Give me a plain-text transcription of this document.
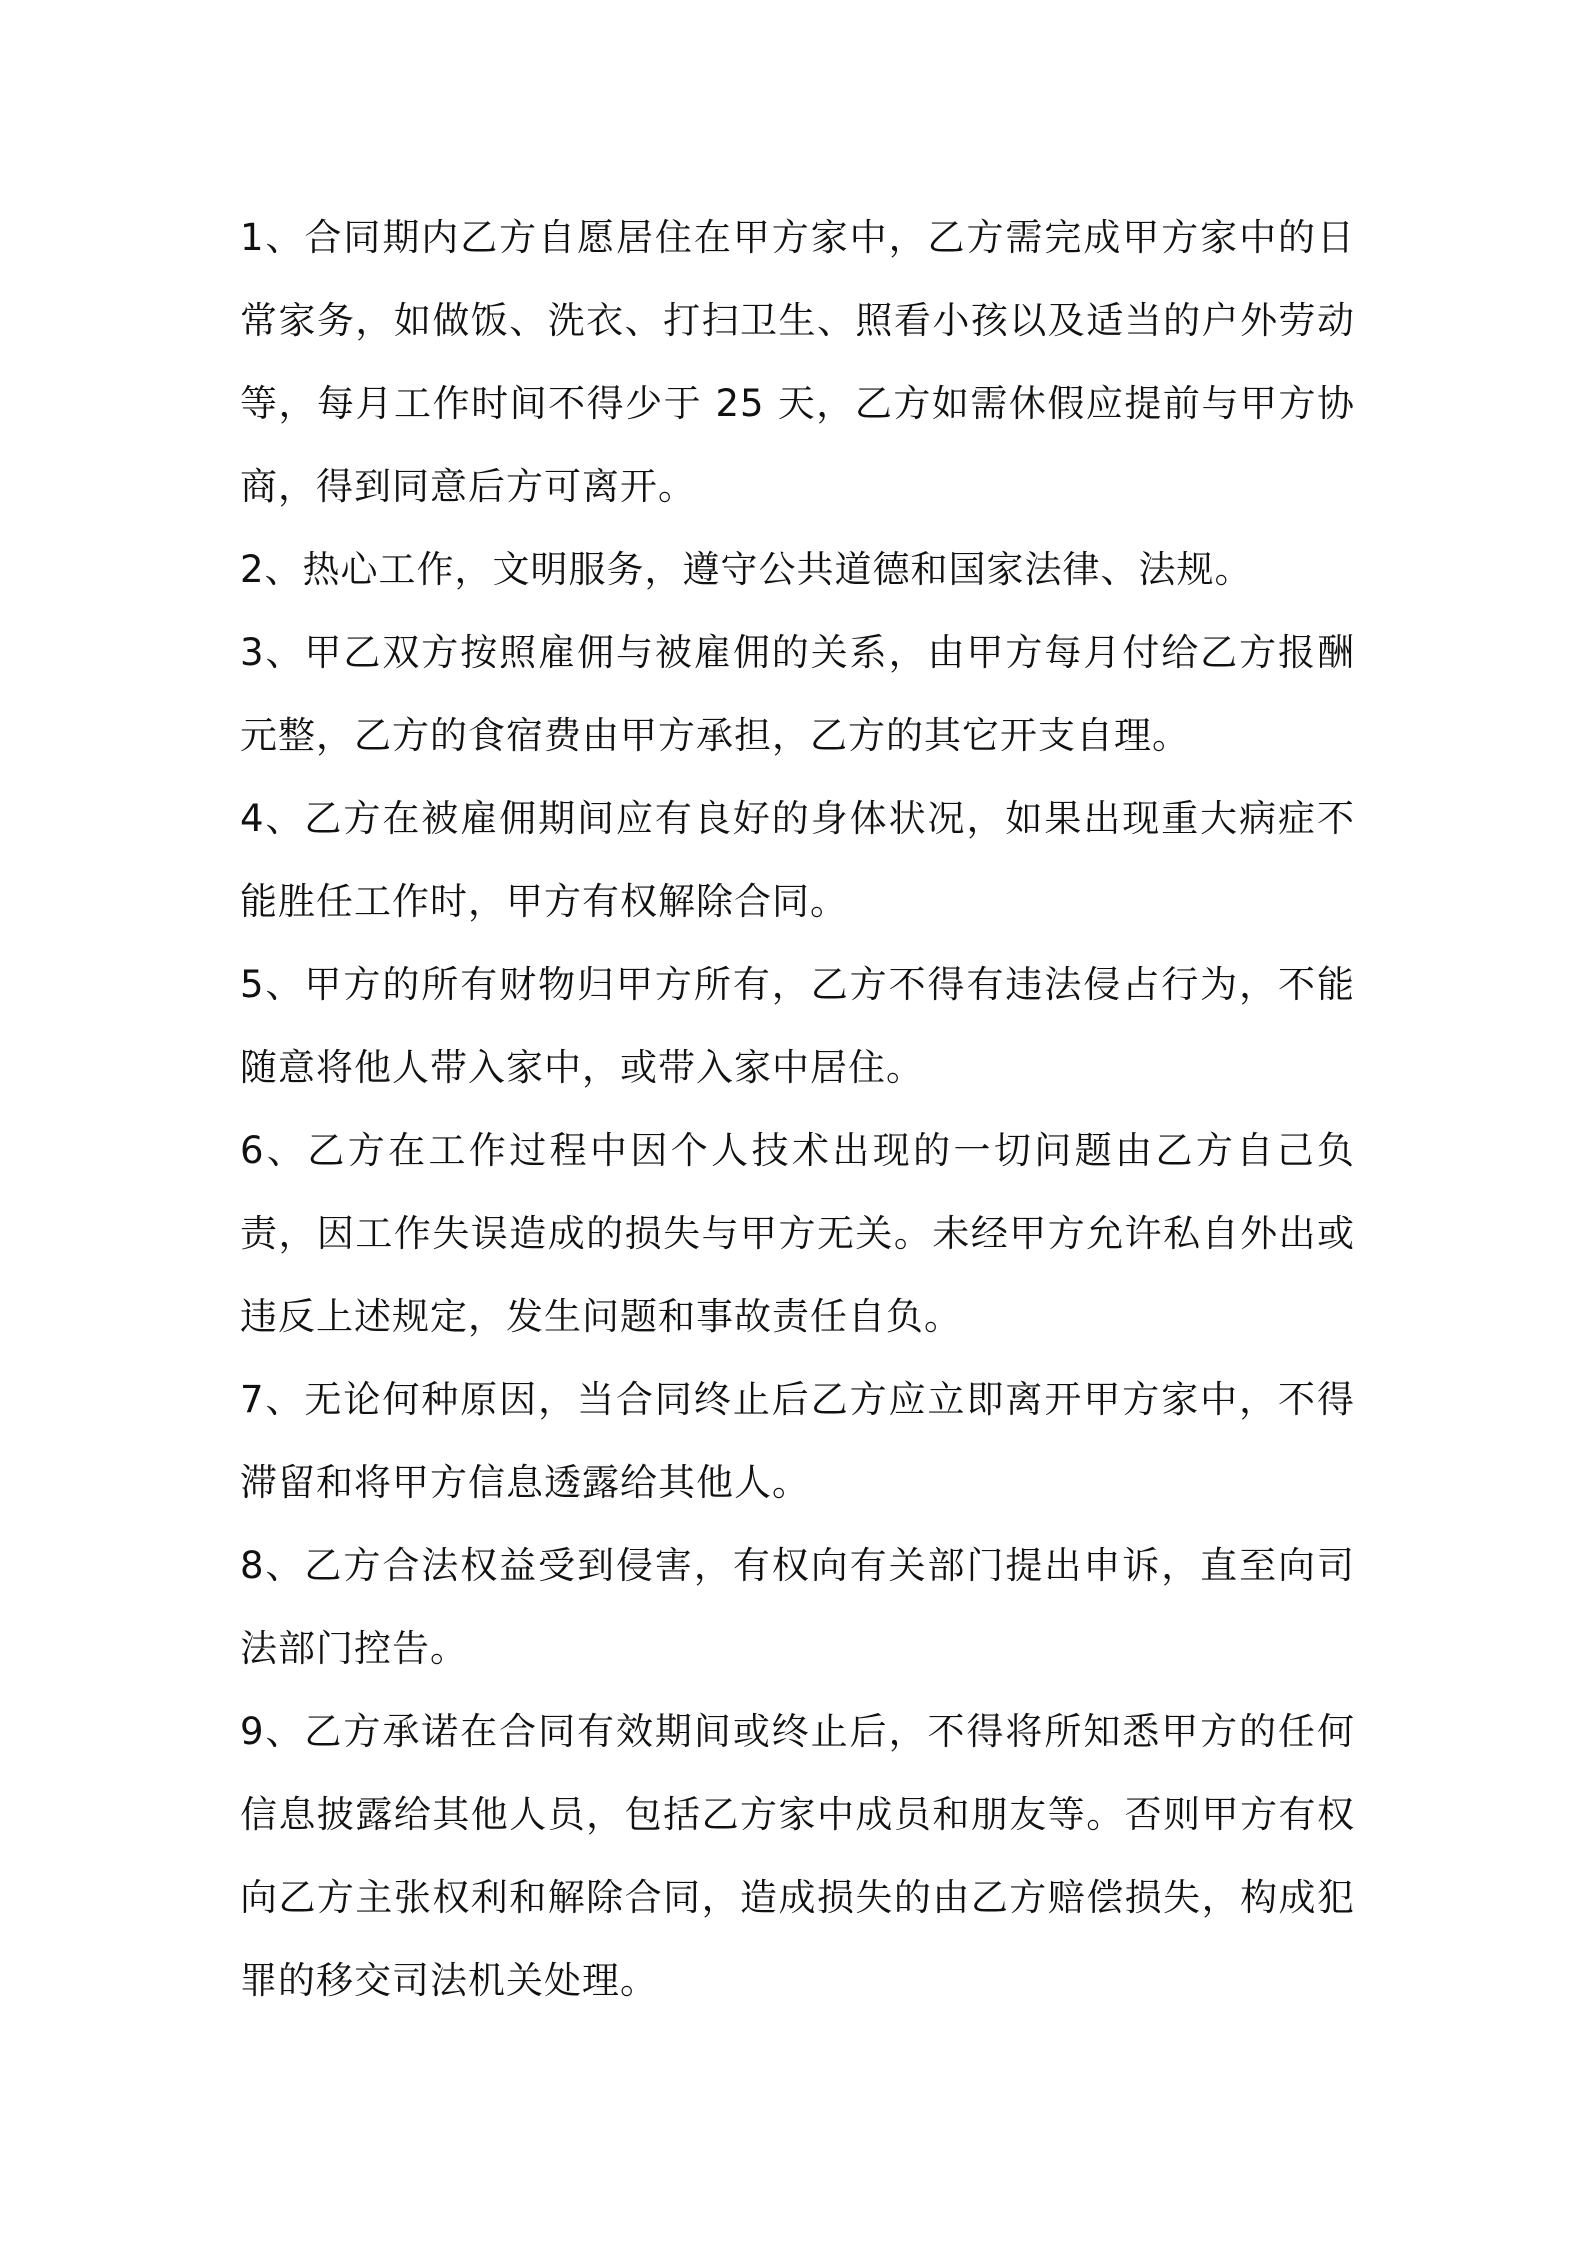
1、合同期内乙方自愿居住在甲方家中，乙方需完成甲方家中的日常家务，如做饭、洗衣、打扫卫生、照看小孩以及适当的户外劳动等，每月工作时间不得少于 25 天，乙方如需休假应提前与甲方协商，得到同意后方可离开。

2、热心工作，文明服务，遵守公共道德和国家法律、法规。

3、甲乙双方按照雇佣与被雇佣的关系，由甲方每月付给乙方报酬 元整，乙方的食宿费由甲方承担，乙方的其它开支自理。

4、乙方在被雇佣期间应有良好的身体状况，如果出现重大病症不能胜任工作时，甲方有权解除合同。

5、甲方的所有财物归甲方所有，乙方不得有违法侵占行为，不能随意将他人带入家中，或带入家中居住。

6、乙方在工作过程中因个人技术出现的一切问题由乙方自己负责，因工作失误造成的损失与甲方无关。未经甲方允许私自外出或违反上述规定，发生问题和事故责任自负。

7、无论何种原因，当合同终止后乙方应立即离开甲方家中，不得滞留和将甲方信息透露给其他人。

8、乙方合法权益受到侵害，有权向有关部门提出申诉，直至向司法部门控告。

9、乙方承诺在合同有效期间或终止后，不得将所知悉甲方的任何信息披露给其他人员，包括乙方家中成员和朋友等。否则甲方有权向乙方主张权利和解除合同，造成损失的由乙方赔偿损失，构成犯罪的移交司法机关处理。
